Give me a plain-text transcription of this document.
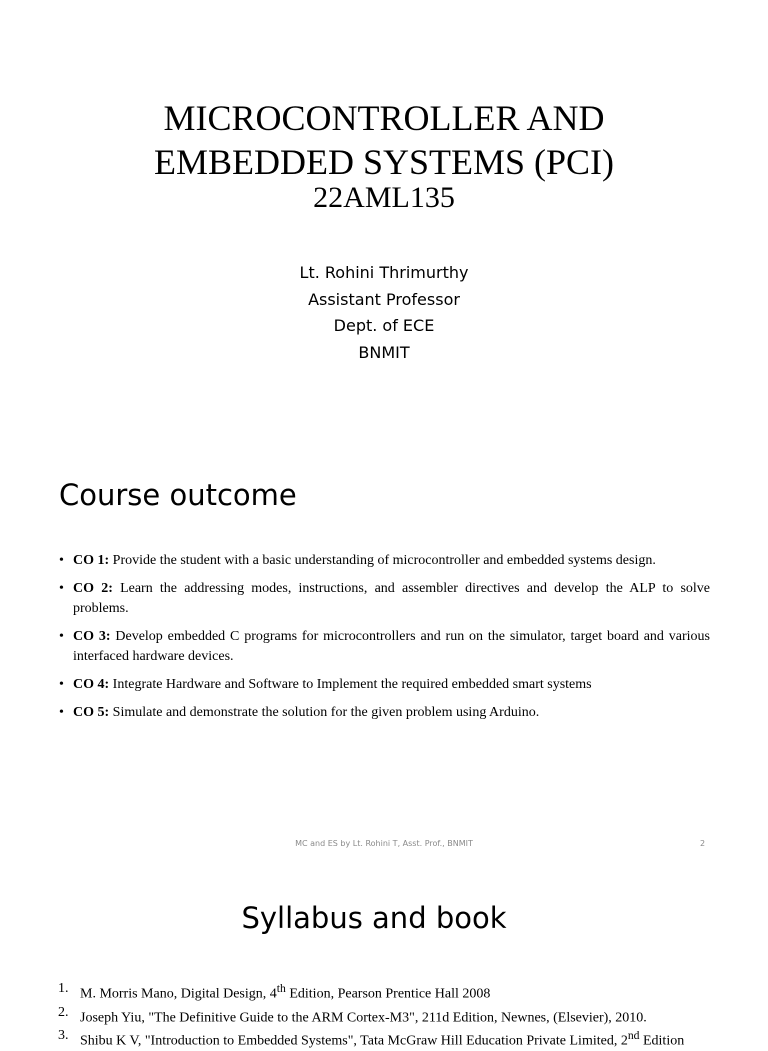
MICROCONTROLLER AND
EMBEDDED SYSTEMS (PCI)
22AML135
Lt. Rohini Thrimurthy
Assistant Professor
Dept. of ECE
BNMIT
Course outcome
• CO 1: Provide the student with a basic understanding of microcontroller and embedded systems design.
• CO 2: Learn the addressing modes, instructions, and assembler directives and develop the ALP to solve problems.
• CO 3: Develop embedded C programs for microcontrollers and run on the simulator, target board and various interfaced hardware devices.
• CO 4: Integrate Hardware and Software to Implement the required embedded smart systems
• CO 5: Simulate and demonstrate the solution for the given problem using Arduino.
MC and ES by Lt. Rohini T, Asst. Prof., BNMIT	2
Syllabus and book
1. M. Morris Mano, Digital Design, 4th Edition, Pearson Prentice Hall 2008
2. Joseph Yiu, "The Definitive Guide to the ARM Cortex-M3", 211d Edition, Newnes, (Elsevier), 2010.
3. Shibu K V, "Introduction to Embedded Systems", Tata McGraw Hill Education Private Limited, 2nd Edition
